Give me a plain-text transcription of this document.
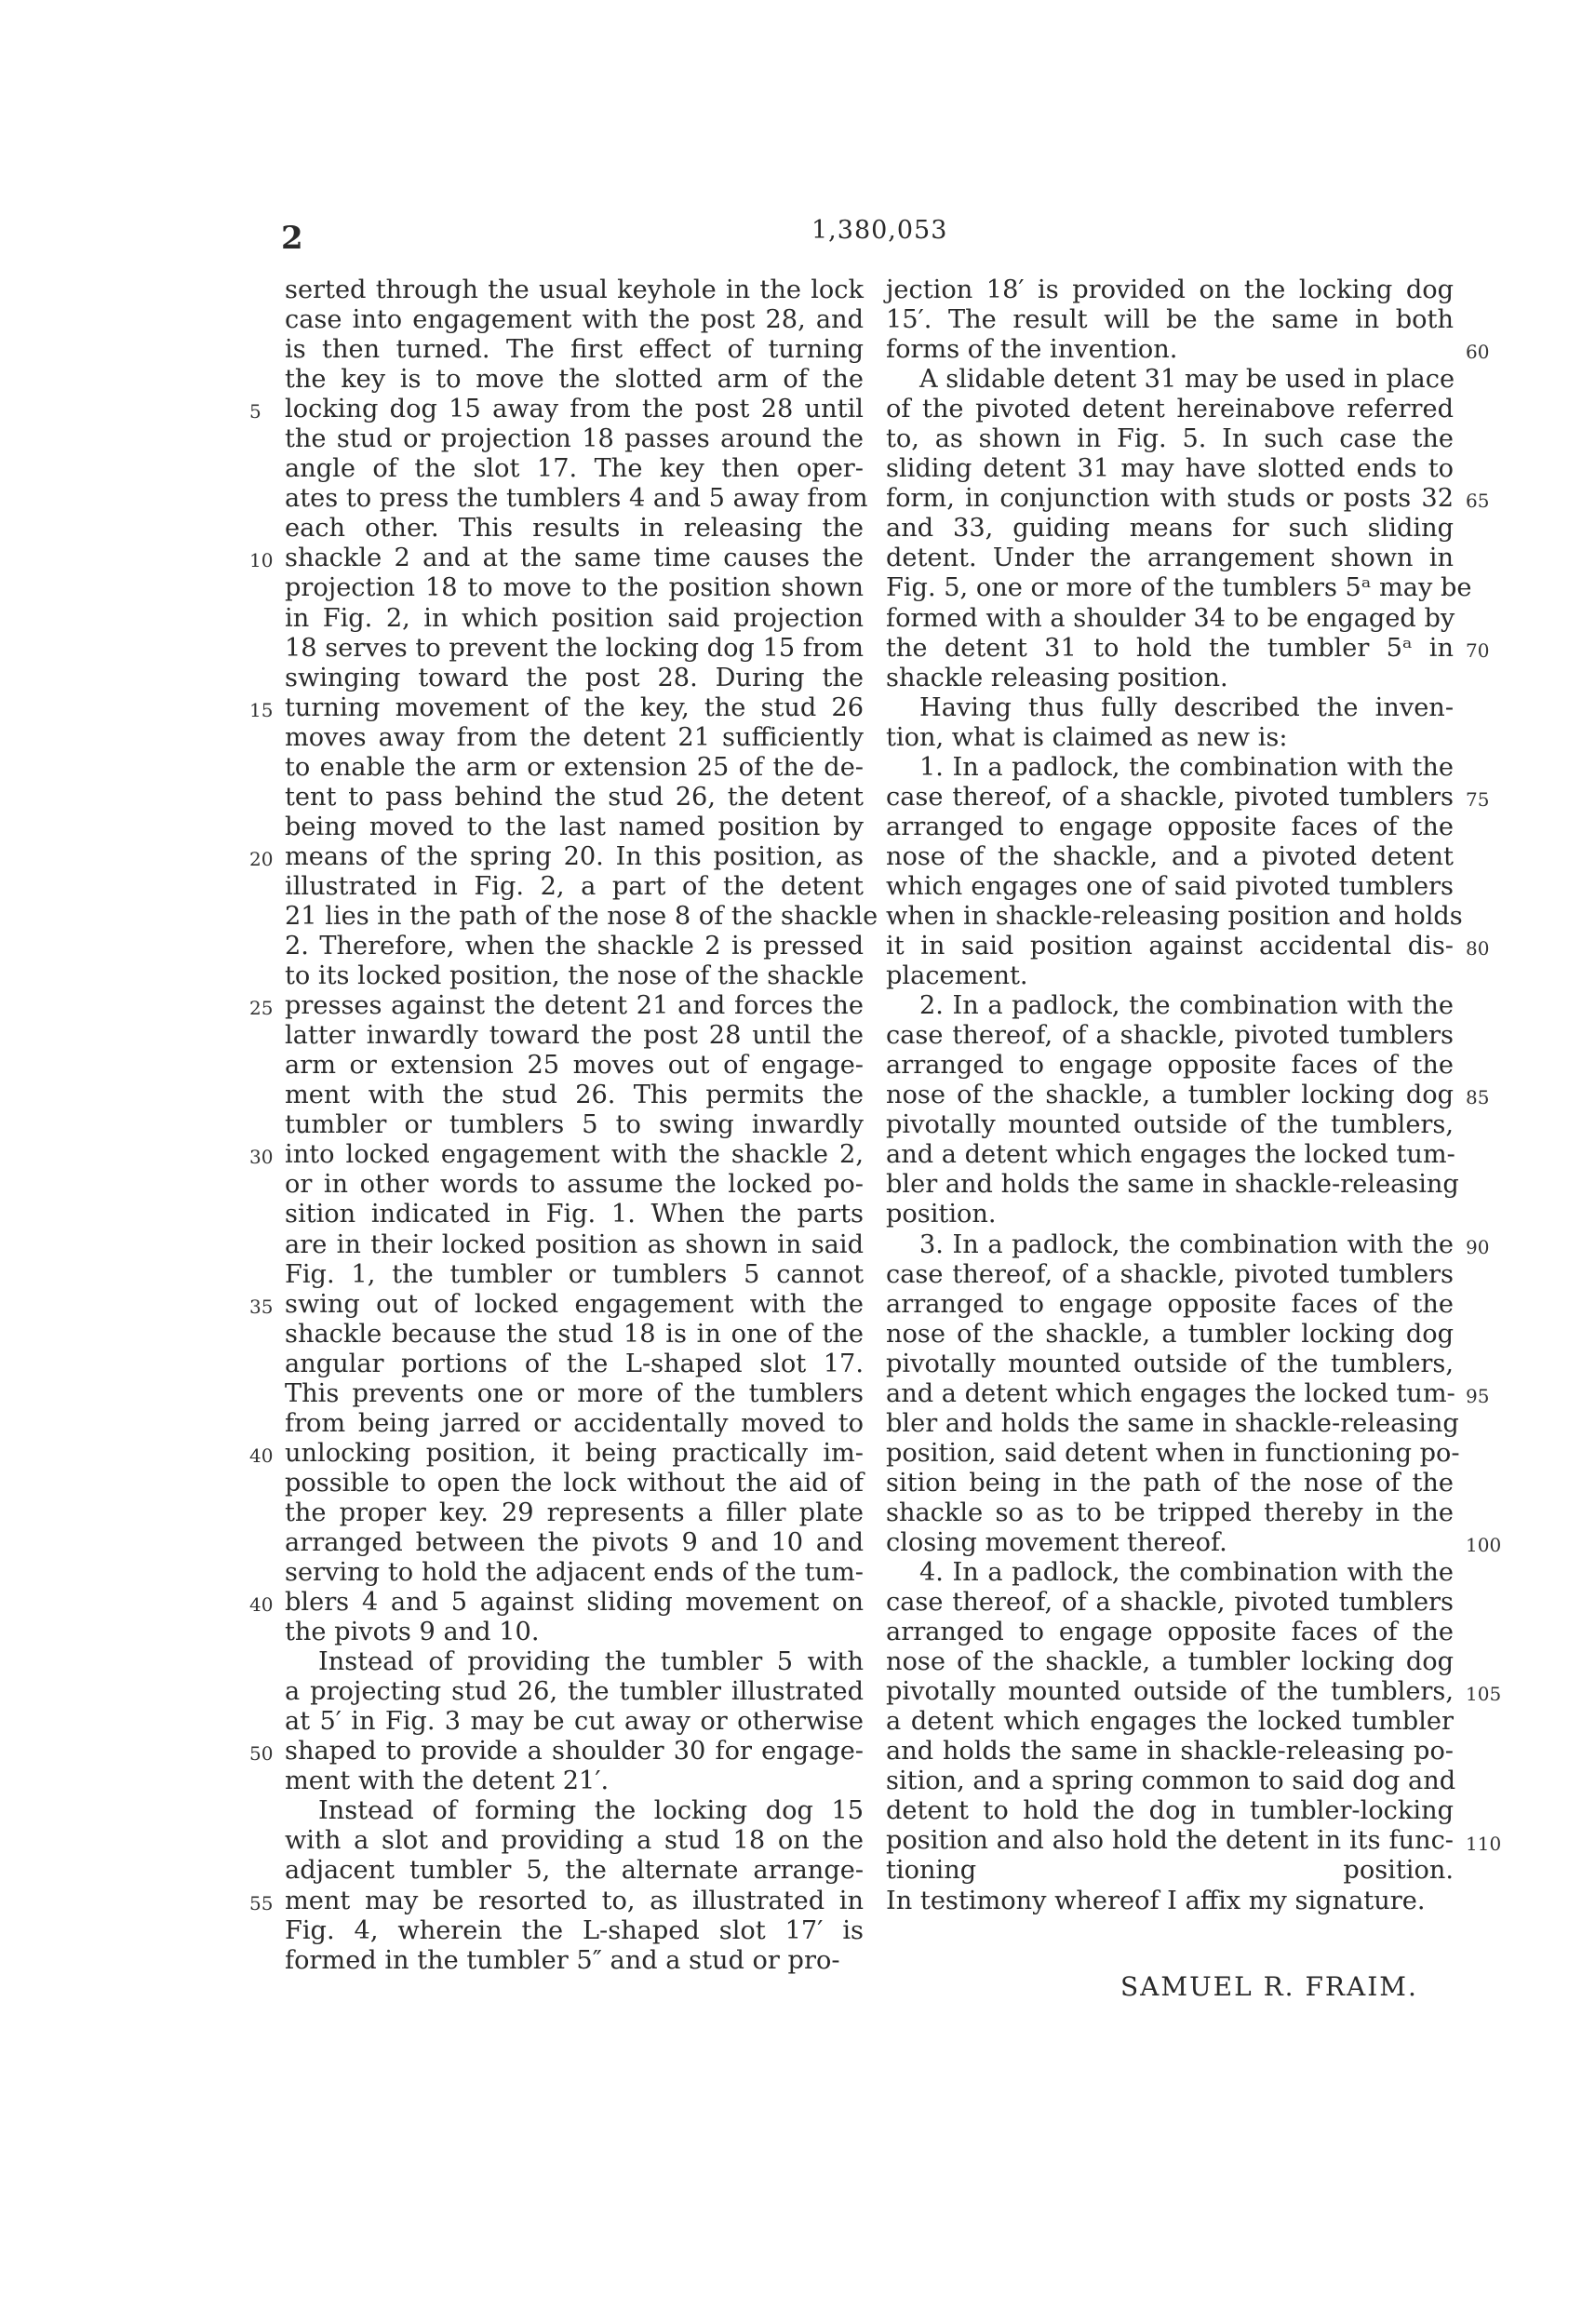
2	1,380,053

serted through the usual keyhole in the lock

case into engagement with the post 28, and

is then turned. The first effect of turning

the key is to move the slotted arm of the

locking dog 15 away from the post 28 until

the stud or projection 18 passes around the

angle of the slot 17. The key then oper-

ates to press the tumblers 4 and 5 away from

each other. This results in releasing the

shackle 2 and at the same time causes the

projection 18 to move to the position shown

in Fig. 2, in which position said projection

18 serves to prevent the locking dog 15 from

swinging toward the post 28. During the

turning movement of the key, the stud 26

moves away from the detent 21 sufficiently

to enable the arm or extension 25 of the de-

tent to pass behind the stud 26, the detent

being moved to the last named position by

means of the spring 20. In this position, as

illustrated in Fig. 2, a part of the detent

21 lies in the path of the nose 8 of the shackle

2. Therefore, when the shackle 2 is pressed

to its locked position, the nose of the shackle

presses against the detent 21 and forces the

latter inwardly toward the post 28 until the

arm or extension 25 moves out of engage-

ment with the stud 26. This permits the

tumbler or tumblers 5 to swing inwardly

into locked engagement with the shackle 2,

or in other words to assume the locked po-

sition indicated in Fig. 1. When the parts

are in their locked position as shown in said

Fig. 1, the tumbler or tumblers 5 cannot

swing out of locked engagement with the

shackle because the stud 18 is in one of the

angular portions of the L-shaped slot 17.

This prevents one or more of the tumblers

from being jarred or accidentally moved to

unlocking position, it being practically im-

possible to open the lock without the aid of

the proper key. 29 represents a filler plate

arranged between the pivots 9 and 10 and

serving to hold the adjacent ends of the tum-

blers 4 and 5 against sliding movement on

the pivots 9 and 10.

Instead of providing the tumbler 5 with

a projecting stud 26, the tumbler illustrated

at 5′ in Fig. 3 may be cut away or otherwise

shaped to provide a shoulder 30 for engage-

ment with the detent 21′.

Instead of forming the locking dog 15

with a slot and providing a stud 18 on the

adjacent tumbler 5, the alternate arrange-

ment may be resorted to, as illustrated in

Fig. 4, wherein the L-shaped slot 17′ is

formed in the tumbler 5″ and a stud or pro-

jection 18′ is provided on the locking dog

15′. The result will be the same in both

forms of the invention.

A slidable detent 31 may be used in place

of the pivoted detent hereinabove referred

to, as shown in Fig. 5. In such case the

sliding detent 31 may have slotted ends to

form, in conjunction with studs or posts 32

and 33, guiding means for such sliding

detent. Under the arrangement shown in

Fig. 5, one or more of the tumblers 5ᵃ may be

formed with a shoulder 34 to be engaged by

the detent 31 to hold the tumbler 5ᵃ in

shackle releasing position.

Having thus fully described the inven-

tion, what is claimed as new is:

1. In a padlock, the combination with the

case thereof, of a shackle, pivoted tumblers

arranged to engage opposite faces of the

nose of the shackle, and a pivoted detent

which engages one of said pivoted tumblers

when in shackle-releasing position and holds

it in said position against accidental dis-

placement.

2. In a padlock, the combination with the

case thereof, of a shackle, pivoted tumblers

arranged to engage opposite faces of the

nose of the shackle, a tumbler locking dog

pivotally mounted outside of the tumblers,

and a detent which engages the locked tum-

bler and holds the same in shackle-releasing

position.

3. In a padlock, the combination with the

case thereof, of a shackle, pivoted tumblers

arranged to engage opposite faces of the

nose of the shackle, a tumbler locking dog

pivotally mounted outside of the tumblers,

and a detent which engages the locked tum-

bler and holds the same in shackle-releasing

position, said detent when in functioning po-

sition being in the path of the nose of the

shackle so as to be tripped thereby in the

closing movement thereof.

4. In a padlock, the combination with the

case thereof, of a shackle, pivoted tumblers

arranged to engage opposite faces of the

nose of the shackle, a tumbler locking dog

pivotally mounted outside of the tumblers,

a detent which engages the locked tumbler

and holds the same in shackle-releasing po-

sition, and a spring common to said dog and

detent to hold the dog in tumbler-locking

position and also hold the detent in its func-

tioning position.

In testimony whereof I affix my signature.

5
10
15
20
25
30
35
40
40
50
55
60
65
70
75
80
85
90
95
100
105
110
SAMUEL R. FRAIM.
